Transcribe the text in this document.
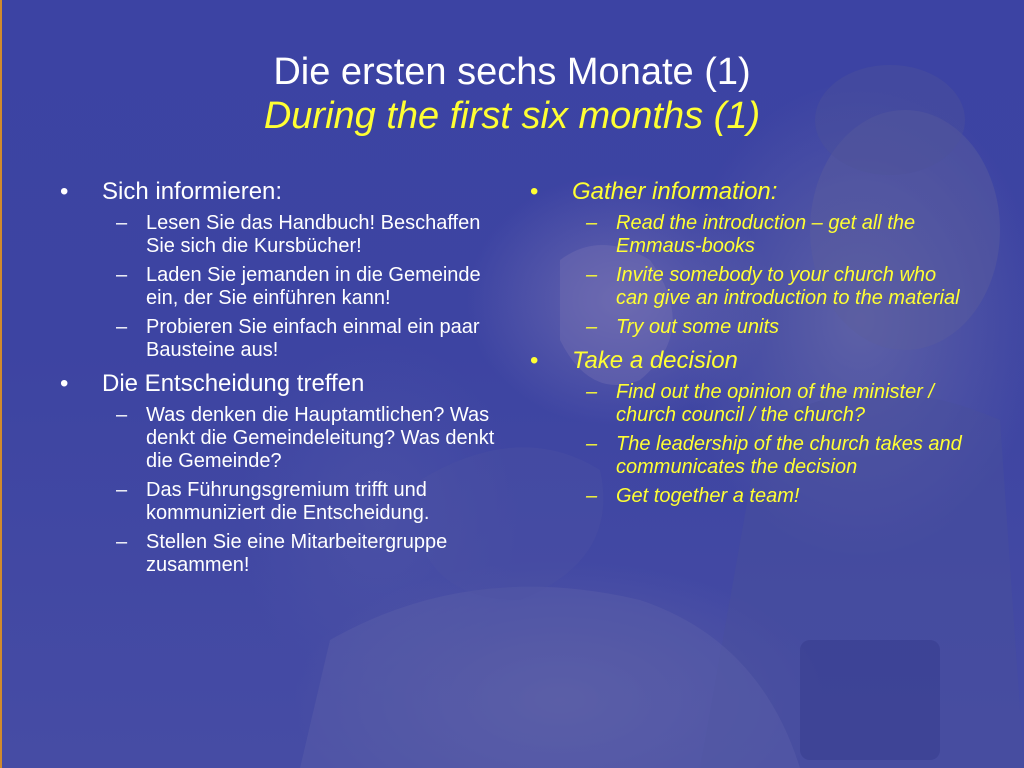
Die ersten sechs Monate (1)
During the first six months (1)
•	Sich informieren:
– Lesen Sie das Handbuch! Beschaffen Sie sich die Kursbücher!
– Laden Sie jemanden in die Gemeinde ein, der Sie einführen kann!
– Probieren Sie einfach einmal ein paar Bausteine aus!
•	Die Entscheidung treffen
– Was denken die Hauptamtlichen? Was denkt die Gemeindeleitung? Was denkt die Gemeinde?
– Das Führungsgremium trifft und kommuniziert die Entscheidung.
– Stellen Sie eine Mitarbeitergruppe zusammen!
•	Gather information:
– Read the introduction – get all the Emmaus-books
– Invite somebody to your church who can give an introduction to the material
– Try out some units
•	Take a decision
– Find out the opinion of the minister / church council / the church?
– The leadership of the church takes and communicates the decision
– Get together a team!
